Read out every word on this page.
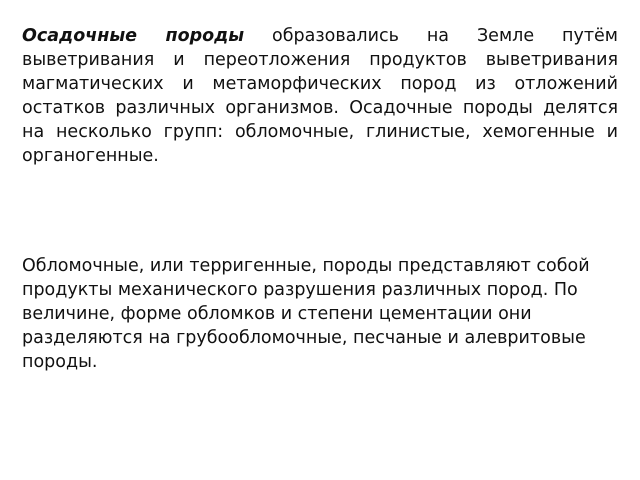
Осадочные породы образовались на Земле путём выветривания и переотложения продуктов выветривания магматических и метаморфических пород из отложений остатков различных организмов. Осадочные породы делятся на несколько групп: обломочные, глинистые, хемогенные и органогенные.

Обломочные, или терригенные, породы представляют собой продукты механического разрушения различных пород. По величине, форме обломков и степени цементации они разделяются на грубообломочные, песчаные и алевритовые породы.
